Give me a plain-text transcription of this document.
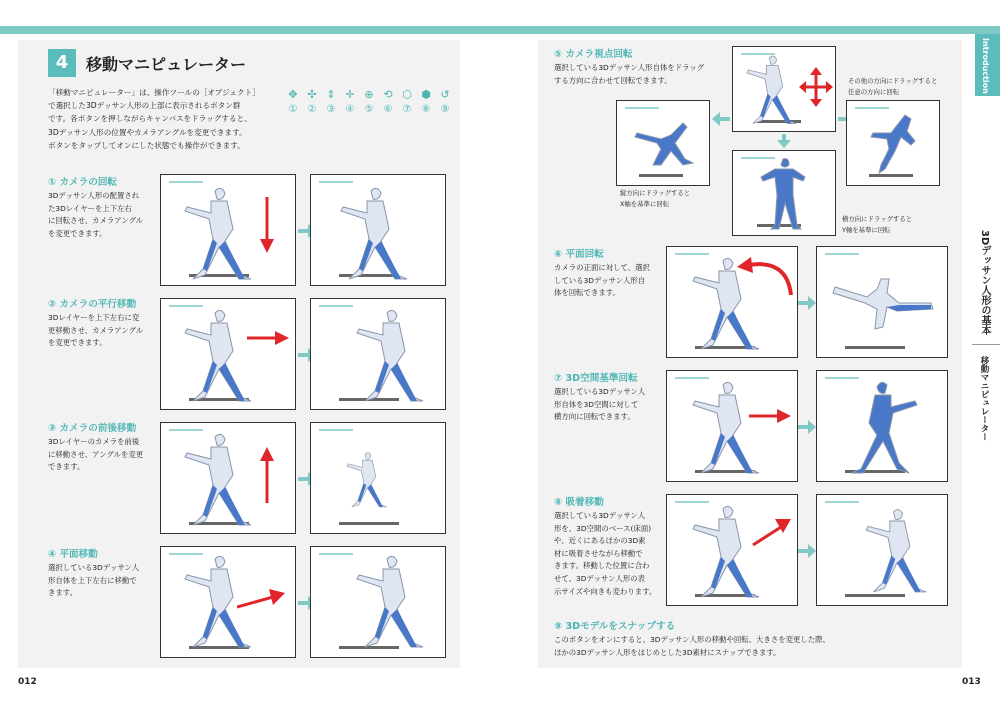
4	移動マニピュレーター
「移動マニピュレーター」は、操作ツールの［オブジェクト］
で選択した3Dデッサン人形の上部に表示されるボタン群
です。各ボタンを押しながらキャンバスをドラッグすると、
3Dデッサン人形の位置やカメラアングルを変更できます。
ボタンをタップしてオンにした状態でも操作ができます。
✥ ✣ ⇕ ✛ ⊕ ⟲ ⬡ ⬢ ↺
① ② ③ ④ ⑤ ⑥ ⑦ ⑧ ⑨
① カメラの回転
3Dデッサン人形の配置され
た3Dレイヤーを上下左右
に回転させ、カメラアングル
を変更できます。
② カメラの平行移動
3Dレイヤーを上下左右に変
更移動させ、カメラアングル
を変更できます。
③ カメラの前後移動
3Dレイヤーのカメラを前後
に移動させ、アングルを変更
できます。
④ 平面移動
選択している3Dデッサン人
形自体を上下左右に移動で
きます。
012
⑤ カメラ視点回転
選択している3Dデッサン人形自体をドラッグ
する方向に合わせて回転できます。	その他の方向にドラッグすると
任意の方向に回転
縦方向にドラッグすると
X軸を基準に回転
横方向にドラッグすると
Y軸を基準に回転
⑥ 平面回転
カメラの正面に対して、選択
している3Dデッサン人形自
体を回転できます。
⑦ 3D空間基準回転
選択している3Dデッサン人
形自体を3D空間に対して
横方向に回転できます。
⑧ 吸着移動
選択している3Dデッサン人
形を、3D空間のベース(床面)
や、近くにあるほかの3D素
材に吸着させながら移動で
きます。移動した位置に合わ
せて、3Dデッサン人形の表
示サイズや向きも変わります。
⑨ 3Dモデルをスナップする
このボタンをオンにすると、3Dデッサン人形の移動や回転、大きさを変更した際、
ほかの3Dデッサン人形をはじめとした3D素材にスナップできます。
Introduction
3Dデッサン人形の基本
移動マニピュレーター
013
